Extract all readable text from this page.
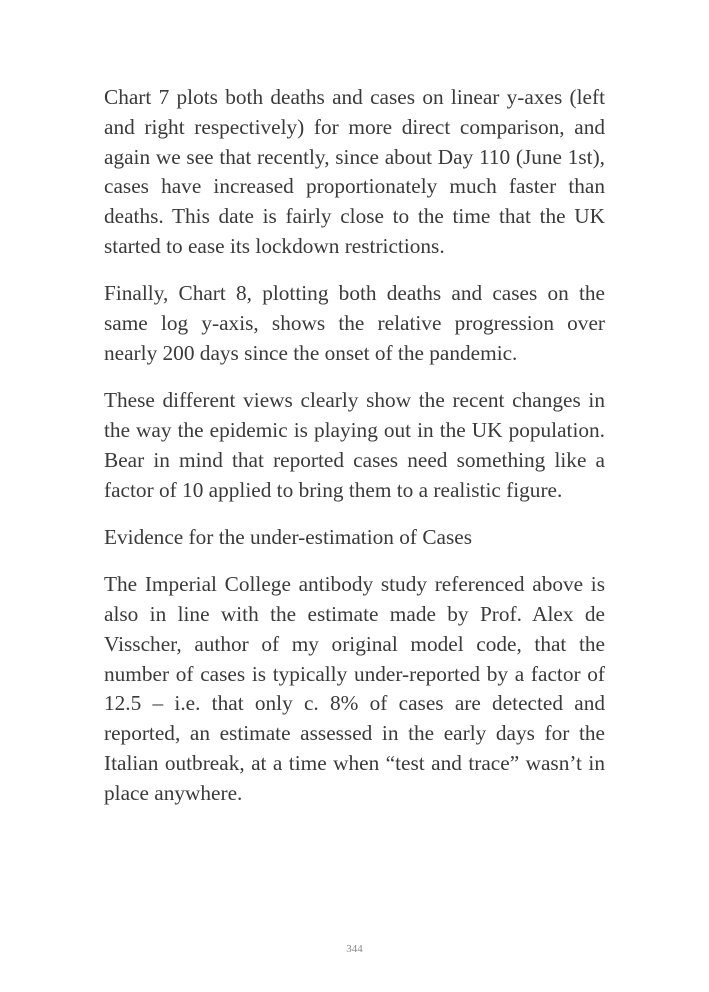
Chart 7 plots both deaths and cases on linear y-axes (left and right respectively) for more direct comparison, and again we see that recently, since about Day 110 (June 1st), cases have increased proportionately much faster than deaths. This date is fairly close to the time that the UK started to ease its lockdown restrictions.

Finally, Chart 8, plotting both deaths and cases on the same log y-axis, shows the relative progression over nearly 200 days since the onset of the pandemic.

These different views clearly show the recent changes in the way the epidemic is playing out in the UK population. Bear in mind that reported cases need something like a factor of 10 applied to bring them to a realistic figure.

Evidence for the under-estimation of Cases

The Imperial College antibody study referenced above is also in line with the estimate made by Prof. Alex de Visscher, author of my original model code, that the number of cases is typically under-reported by a factor of 12.5 – i.e. that only c. 8% of cases are detected and reported, an estimate assessed in the early days for the Italian outbreak, at a time when “test and trace” wasn’t in place anywhere.

344
